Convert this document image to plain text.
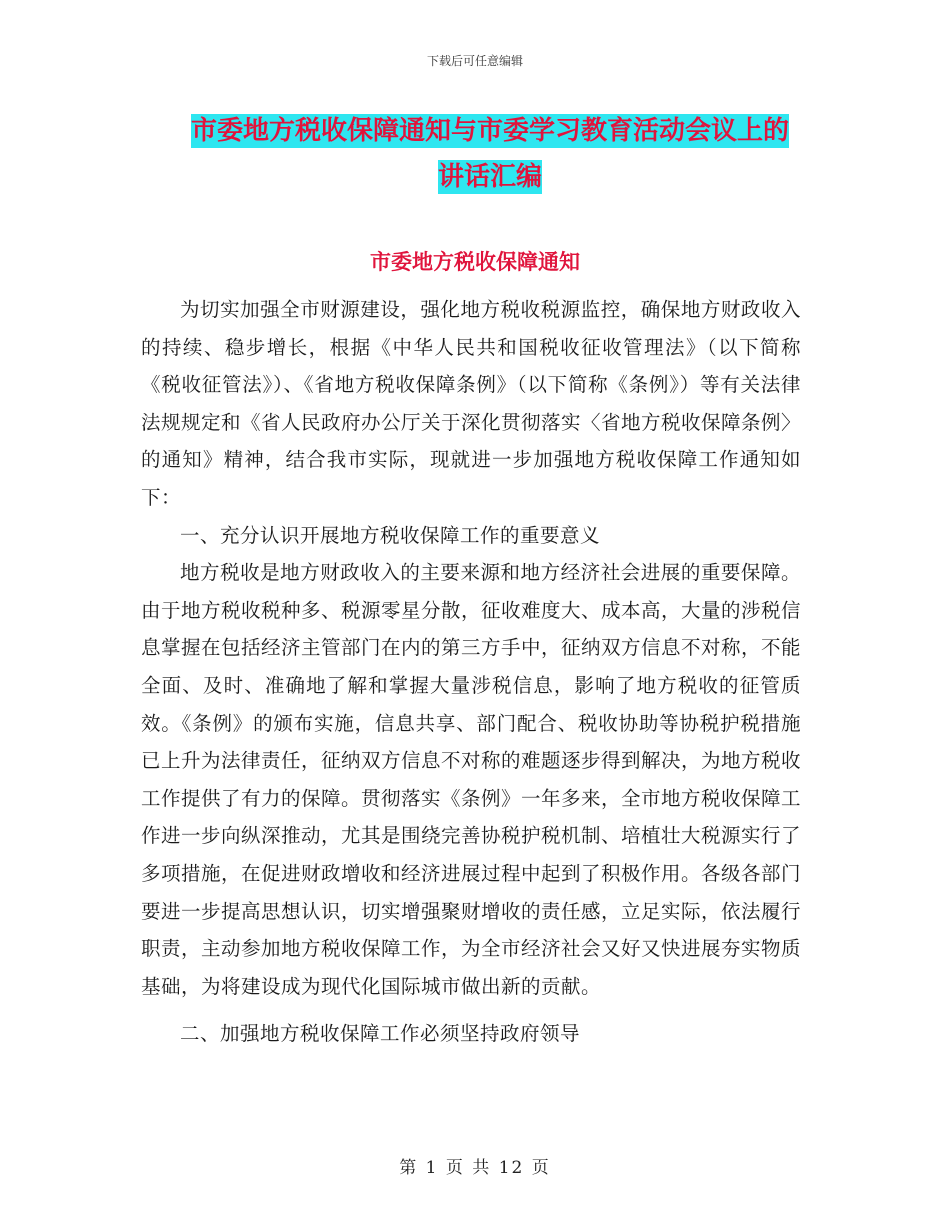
下载后可任意编辑
市委地方税收保障通知与市委学习教育活动会议上的
讲话汇编
市委地方税收保障通知

为切实加强全市财源建设，强化地方税收税源监控，确保地方财政收入的持续、稳步增长，根据《中华人民共和国税收征收管理法》（以下简称《税收征管法》）、《省地方税收保障条例》（以下简称《条例》）等有关法律法规规定和《省人民政府办公厅关于深化贯彻落实〈省地方税收保障条例〉的通知》精神，结合我市实际，现就进一步加强地方税收保障工作通知如下：

一、充分认识开展地方税收保障工作的重要意义

地方税收是地方财政收入的主要来源和地方经济社会进展的重要保障。由于地方税收税种多、税源零星分散，征收难度大、成本高，大量的涉税信息掌握在包括经济主管部门在内的第三方手中，征纳双方信息不对称，不能全面、及时、准确地了解和掌握大量涉税信息，影响了地方税收的征管质效。《条例》的颁布实施，信息共享、部门配合、税收协助等协税护税措施已上升为法律责任，征纳双方信息不对称的难题逐步得到解决，为地方税收工作提供了有力的保障。贯彻落实《条例》一年多来，全市地方税收保障工作进一步向纵深推动，尤其是围绕完善协税护税机制、培植壮大税源实行了多项措施，在促进财政增收和经济进展过程中起到了积极作用。各级各部门要进一步提高思想认识，切实增强聚财增收的责任感，立足实际，依法履行职责，主动参加地方税收保障工作，为全市经济社会又好又快进展夯实物质基础，为将建设成为现代化国际城市做出新的贡献。

二、加强地方税收保障工作必须坚持政府领导

第 1 页 共 12 页
